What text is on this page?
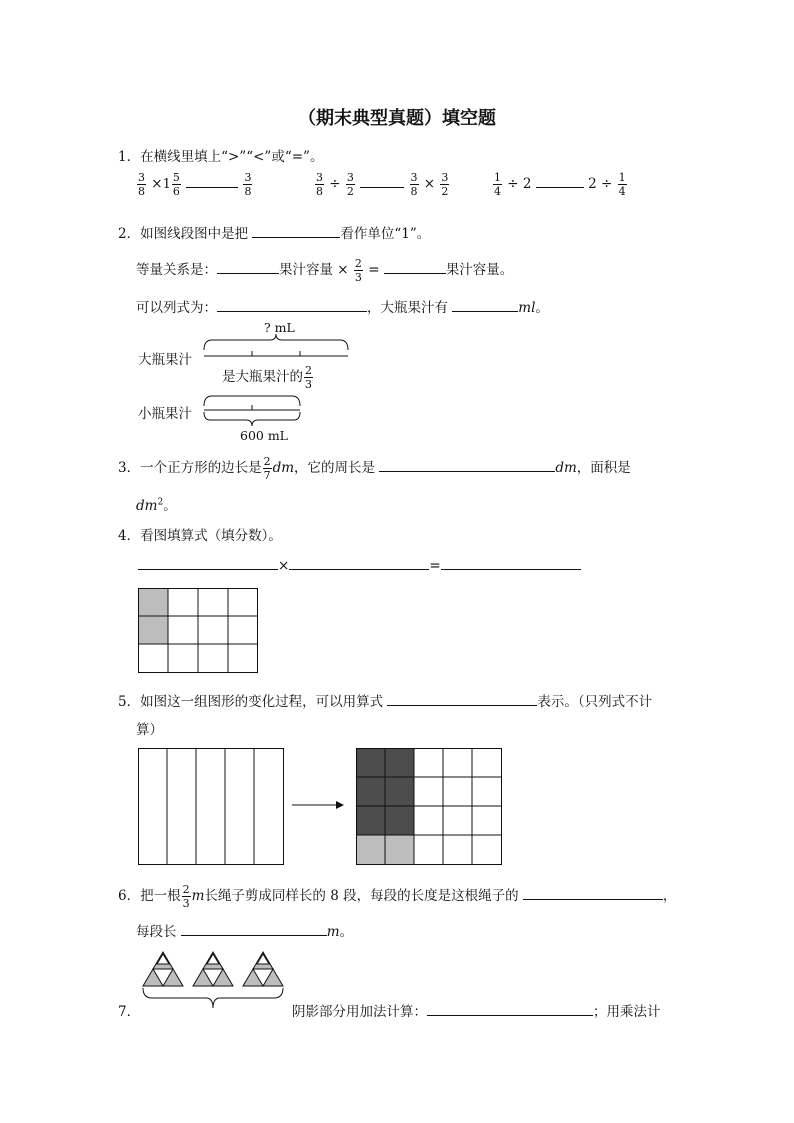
（期末典型真题）填空题
1．在横线里填上“>”“<”或“=”。
$\frac{3}{8} \times 1 \frac{5}{6}$
	$\frac{3}{8}$	$\frac{3}{8} \div \frac{3}{2}$
	$\frac{3}{8} \times \frac{3}{2}$	$\frac{1}{4} \div 2$	$2 \div \frac{1}{4}$
2．如图线段图中是把	看作单位“1”。
等量关系是：	果汁容量 × $\frac{2}{3}$ =	果汁容量。
可以列式为：	，大瓶果汁有	ml。
? mL
大瓶果汁
是大瓶果汁的 $\frac{2}{3}$
小瓶果汁
600 mL
3．一个正方形的边长是 $\frac{2}{7}$ dm，它的周长是	dm，面积是
$dm^2$。
4．看图填算式（填分数）。
×	=
5．如图这一组图形的变化过程，可以用算式	表示。（只列式不计
算）
6．把一根 $\frac{2}{3}$ m长绳子剪成同样长的 8 段，每段的长度是这根绳子的	，
每段长	m。
7．	阴影部分用加法计算：	；用乘法计
